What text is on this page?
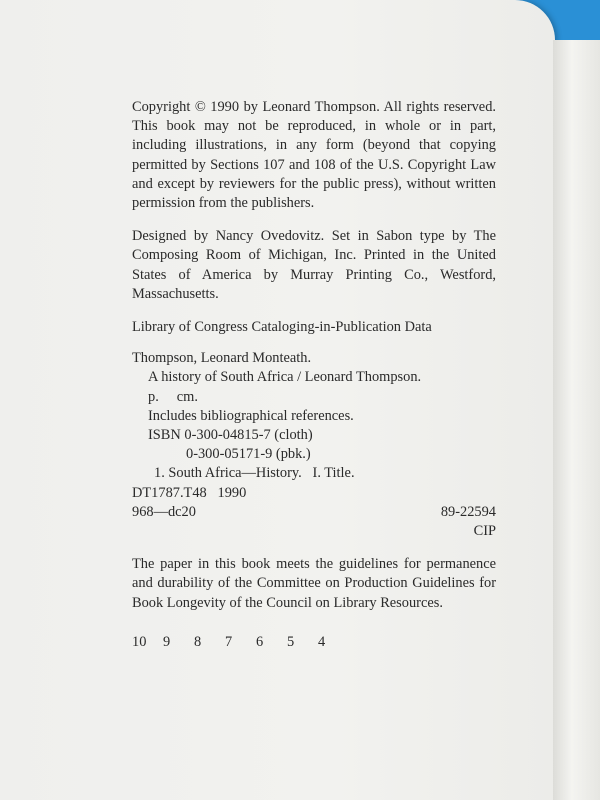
Copyright © 1990 by Leonard Thompson. All rights reserved. This book may not be reproduced, in whole or in part, including illustrations, in any form (beyond that copying permitted by Sections 107 and 108 of the U.S. Copyright Law and except by reviewers for the public press), without written permission from the publishers.

Designed by Nancy Ovedovitz. Set in Sabon type by The Composing Room of Michigan, Inc. Printed in the United States of America by Murray Printing Co., Westford, Massachusetts.

Library of Congress Cataloging-in-Publication Data
Thompson, Leonard Monteath.
A history of South Africa / Leonard Thompson.
p.     cm.
Includes bibliographical references.
ISBN 0-300-04815-7 (cloth)
0-300-05171-9 (pbk.)
1. South Africa—History.   I. Title.
DT1787.T48   1990
968—dc20	89-22594
CIP

The paper in this book meets the guidelines for permanence and durability of the Committee on Production Guidelines for Book Longevity of the Council on Library Resources.

10	9	8	7	6	5	4
